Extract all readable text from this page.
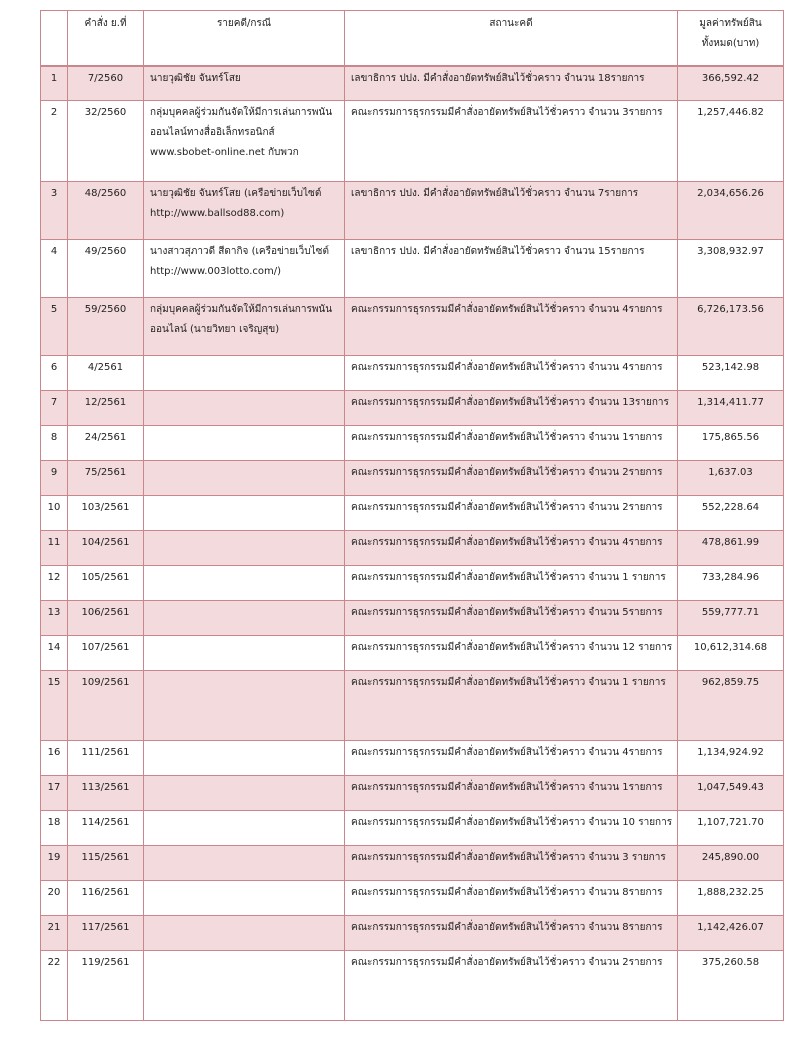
	คำสั่ง ย.ที่	รายคดี/กรณี	สถานะคดี	มูลค่าทรัพย์สิน
ทั้งหมด(บาท)

1	7/2560	นายวุฒิชัย จันทร์โสย	เลขาธิการ ปปง. มีคำสั่งอายัดทรัพย์สินไว้ชั่วคราว จำนวน 18รายการ	366,592.42
2	32/2560	กลุ่มบุคคลผู้ร่วมกันจัดให้มีการเล่นการพนัน
ออนไลน์ทางสื่ออิเล็กทรอนิกส์
www.sbobet-online.net กับพวก	คณะกรรมการธุรกรรมมีคำสั่งอายัดทรัพย์สินไว้ชั่วคราว จำนวน 3รายการ	1,257,446.82
3	48/2560	นายวุฒิชัย จันทร์โสย (เครือข่ายเว็บไซต์
http://www.ballsod88.com)	เลขาธิการ ปปง. มีคำสั่งอายัดทรัพย์สินไว้ชั่วคราว จำนวน 7รายการ	2,034,656.26
4	49/2560	นางสาวสุภาวดี สีดากิจ (เครือข่ายเว็บไซต์
http://www.003lotto.com/)	เลขาธิการ ปปง. มีคำสั่งอายัดทรัพย์สินไว้ชั่วคราว จำนวน 15รายการ	3,308,932.97
5	59/2560	กลุ่มบุคคลผู้ร่วมกันจัดให้มีการเล่นการพนัน
ออนไลน์ (นายวิทยา เจริญสุข)	คณะกรรมการธุรกรรมมีคำสั่งอายัดทรัพย์สินไว้ชั่วคราว จำนวน 4รายการ	6,726,173.56
6	4/2561		คณะกรรมการธุรกรรมมีคำสั่งอายัดทรัพย์สินไว้ชั่วคราว จำนวน 4รายการ	523,142.98
7	12/2561		คณะกรรมการธุรกรรมมีคำสั่งอายัดทรัพย์สินไว้ชั่วคราว จำนวน 13รายการ	1,314,411.77
8	24/2561		คณะกรรมการธุรกรรมมีคำสั่งอายัดทรัพย์สินไว้ชั่วคราว จำนวน 1รายการ	175,865.56
9	75/2561		คณะกรรมการธุรกรรมมีคำสั่งอายัดทรัพย์สินไว้ชั่วคราว จำนวน 2รายการ	1,637.03
10	103/2561		คณะกรรมการธุรกรรมมีคำสั่งอายัดทรัพย์สินไว้ชั่วคราว จำนวน 2รายการ	552,228.64
11	104/2561		คณะกรรมการธุรกรรมมีคำสั่งอายัดทรัพย์สินไว้ชั่วคราว จำนวน 4รายการ	478,861.99
12	105/2561		คณะกรรมการธุรกรรมมีคำสั่งอายัดทรัพย์สินไว้ชั่วคราว จำนวน 1 รายการ	733,284.96
13	106/2561		คณะกรรมการธุรกรรมมีคำสั่งอายัดทรัพย์สินไว้ชั่วคราว จำนวน 5รายการ	559,777.71
14	107/2561		คณะกรรมการธุรกรรมมีคำสั่งอายัดทรัพย์สินไว้ชั่วคราว จำนวน 12 รายการ	10,612,314.68
15	109/2561		คณะกรรมการธุรกรรมมีคำสั่งอายัดทรัพย์สินไว้ชั่วคราว จำนวน 1 รายการ	962,859.75
16	111/2561		คณะกรรมการธุรกรรมมีคำสั่งอายัดทรัพย์สินไว้ชั่วคราว จำนวน 4รายการ	1,134,924.92
17	113/2561		คณะกรรมการธุรกรรมมีคำสั่งอายัดทรัพย์สินไว้ชั่วคราว จำนวน 1รายการ	1,047,549.43
18	114/2561		คณะกรรมการธุรกรรมมีคำสั่งอายัดทรัพย์สินไว้ชั่วคราว จำนวน 10 รายการ	1,107,721.70
19	115/2561		คณะกรรมการธุรกรรมมีคำสั่งอายัดทรัพย์สินไว้ชั่วคราว จำนวน 3 รายการ	245,890.00
20	116/2561		คณะกรรมการธุรกรรมมีคำสั่งอายัดทรัพย์สินไว้ชั่วคราว จำนวน 8รายการ	1,888,232.25
21	117/2561		คณะกรรมการธุรกรรมมีคำสั่งอายัดทรัพย์สินไว้ชั่วคราว จำนวน 8รายการ	1,142,426.07
22	119/2561		คณะกรรมการธุรกรรมมีคำสั่งอายัดทรัพย์สินไว้ชั่วคราว จำนวน 2รายการ	375,260.58
